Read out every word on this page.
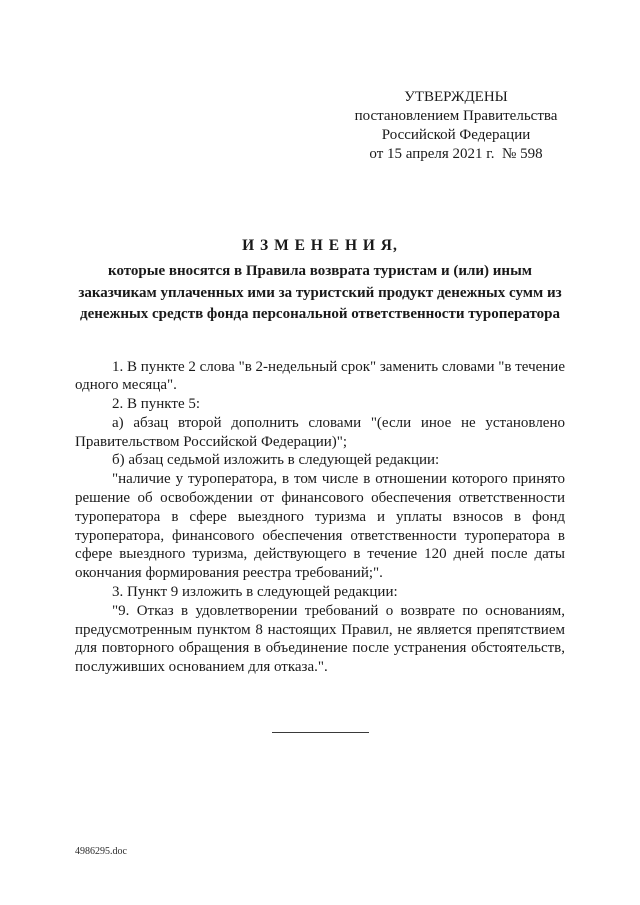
УТВЕРЖДЕНЫ
постановлением Правительства
Российской Федерации
от 15 апреля 2021 г.  № 598
И З М Е Н Е Н И Я,
которые вносятся в Правила возврата туристам и (или) иным
заказчикам уплаченных ими за туристский продукт денежных сумм из
денежных средств фонда персональной ответственности туроператора

1. В пункте 2 слова "в 2-недельный срок" заменить словами "в течение одного месяца".

2. В пункте 5:

а) абзац второй дополнить словами "(если иное не установлено Правительством Российской Федерации)";

б) абзац седьмой изложить в следующей редакции:

"наличие у туроператора, в том числе в отношении которого принято решение об освобождении от финансового обеспечения ответственности туроператора в сфере выездного туризма и уплаты взносов в фонд туроператора, финансового обеспечения ответственности туроператора в сфере выездного туризма, действующего в течение 120 дней после даты окончания формирования реестра требований;".

3. Пункт 9 изложить в следующей редакции:

"9. Отказ в удовлетворении требований о возврате по основаниям, предусмотренным пунктом 8 настоящих Правил, не является препятствием для повторного обращения в объединение после устранения обстоятельств, послуживших основанием для отказа.".

4986295.doc
